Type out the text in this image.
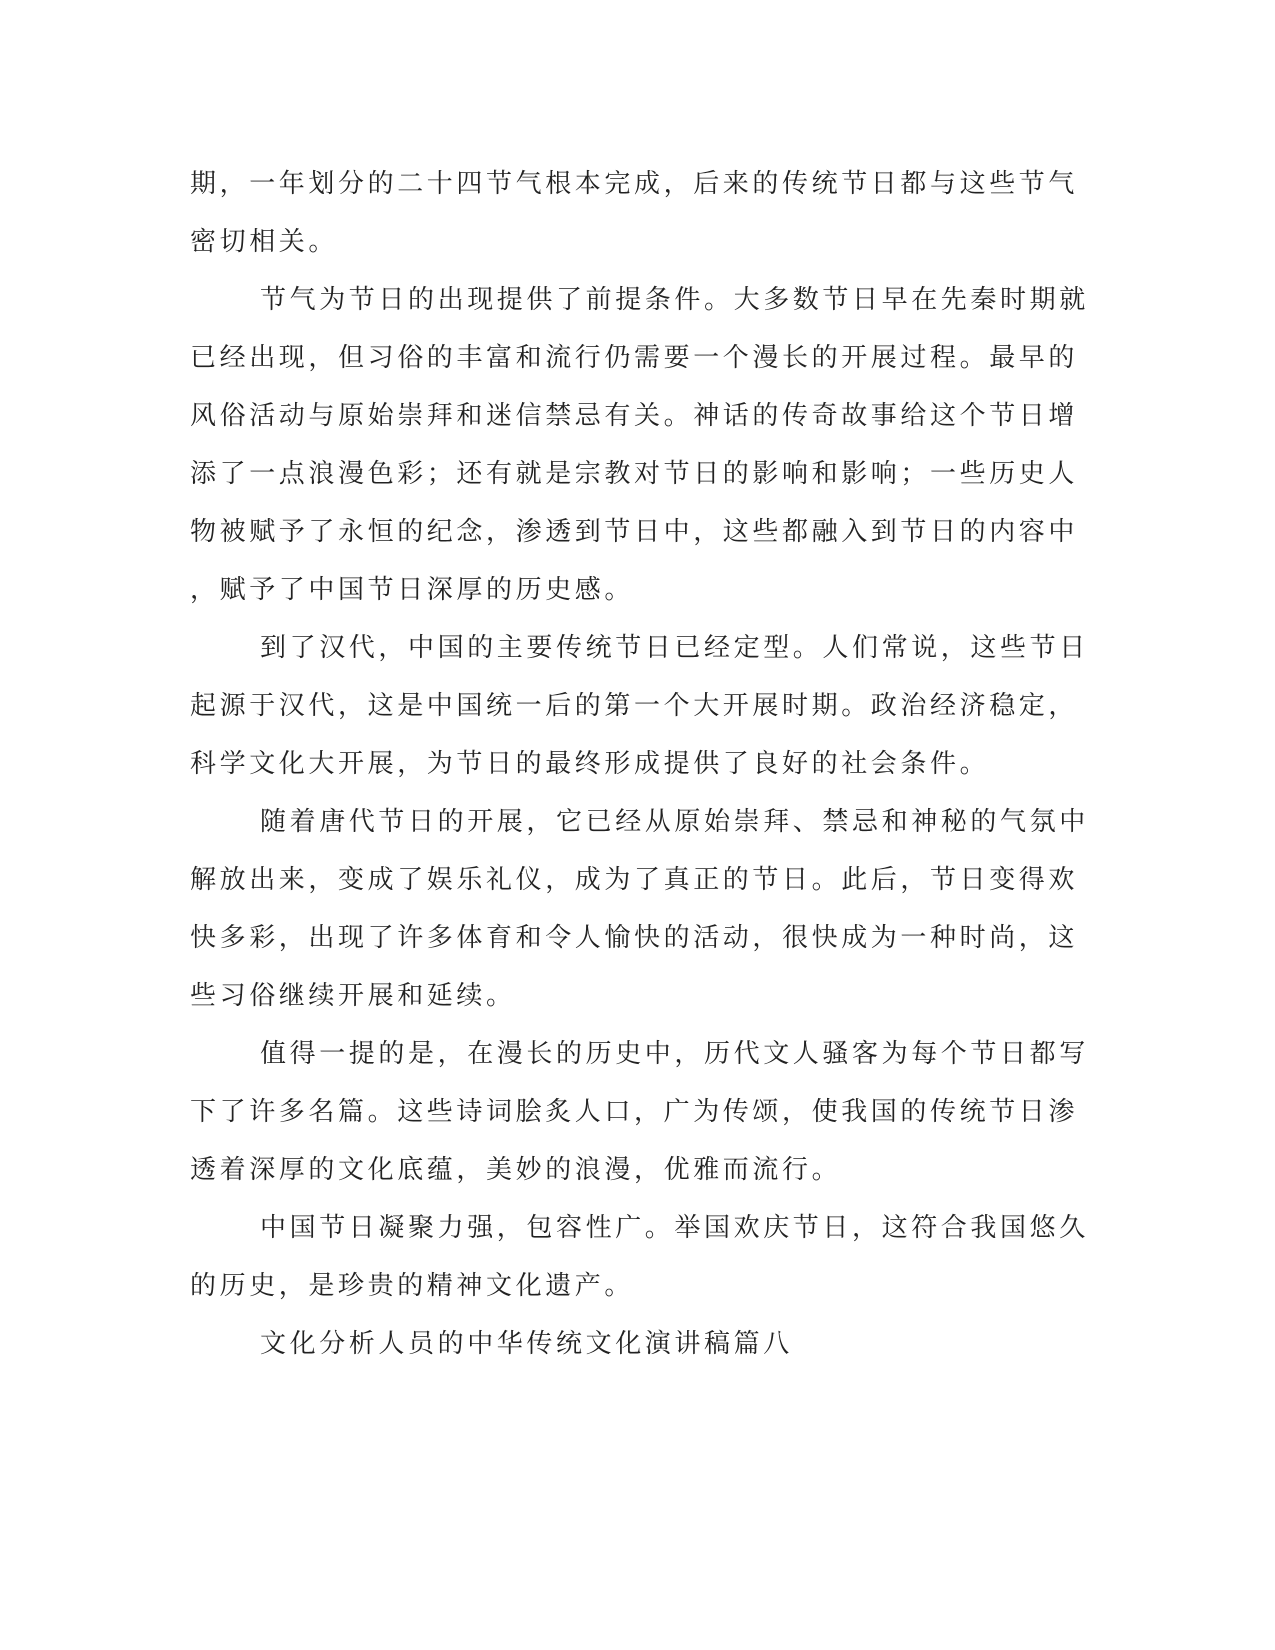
期，一年划分的二十四节气根本完成，后来的传统节日都与这些节气
密切相关。
节气为节日的出现提供了前提条件。大多数节日早在先秦时期就
已经出现，但习俗的丰富和流行仍需要一个漫长的开展过程。最早的
风俗活动与原始崇拜和迷信禁忌有关。神话的传奇故事给这个节日增
添了一点浪漫色彩；还有就是宗教对节日的影响和影响；一些历史人
物被赋予了永恒的纪念，渗透到节日中，这些都融入到节日的内容中
，赋予了中国节日深厚的历史感。
到了汉代，中国的主要传统节日已经定型。人们常说，这些节日
起源于汉代，这是中国统一后的第一个大开展时期。政治经济稳定，
科学文化大开展，为节日的最终形成提供了良好的社会条件。
随着唐代节日的开展，它已经从原始崇拜、禁忌和神秘的气氛中
解放出来，变成了娱乐礼仪，成为了真正的节日。此后，节日变得欢
快多彩，出现了许多体育和令人愉快的活动，很快成为一种时尚，这
些习俗继续开展和延续。
值得一提的是，在漫长的历史中，历代文人骚客为每个节日都写
下了许多名篇。这些诗词脍炙人口，广为传颂，使我国的传统节日渗
透着深厚的文化底蕴，美妙的浪漫，优雅而流行。
中国节日凝聚力强，包容性广。举国欢庆节日，这符合我国悠久
的历史，是珍贵的精神文化遗产。
文化分析人员的中华传统文化演讲稿篇八
